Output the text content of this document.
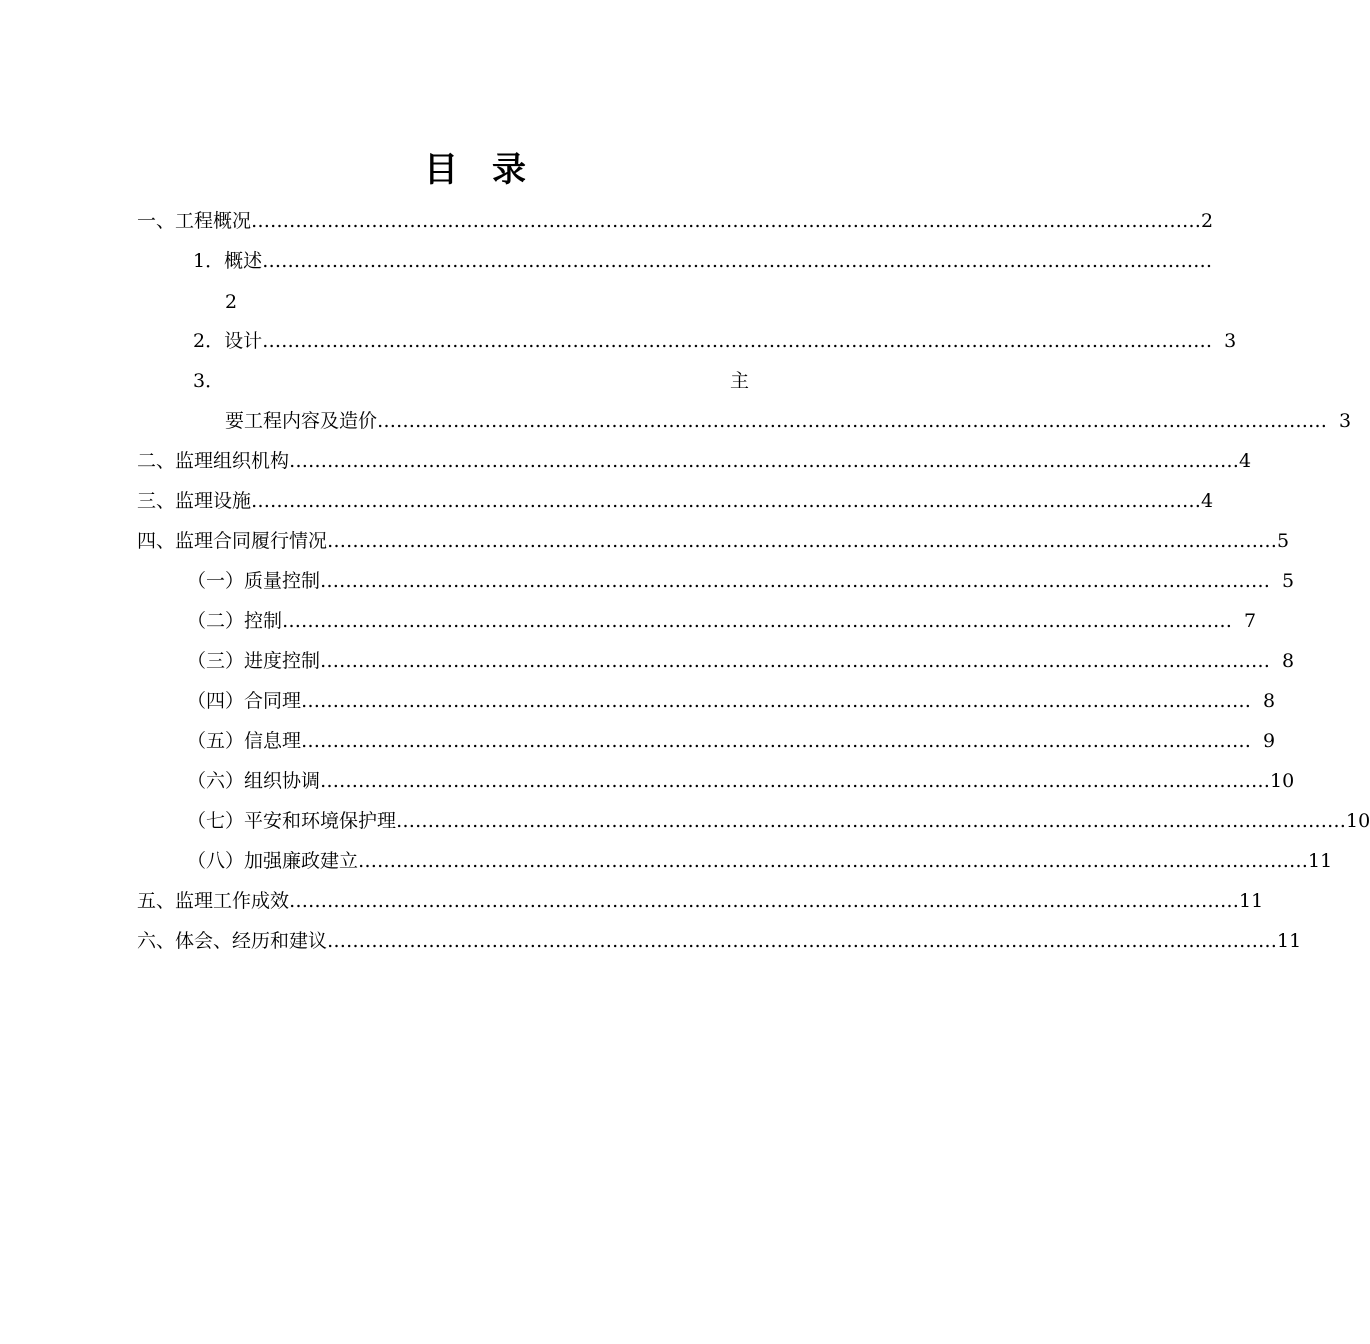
目　录
一、 工程概况 …………………………………………………………………………………………………………………………………… 2
1． 概述 ……………………………………………………………………………………………………………………………………
2
2． 设计 …………………………………………………………………………………………………………………………………… 3
3．	主
要工程内容及造价 …………………………………………………………………………………………………………………………………… 3
二、 监理组织机构 …………………………………………………………………………………………………………………………………… 4
三、 监理设施 …………………………………………………………………………………………………………………………………… 4
四、 监理合同履行情况 …………………………………………………………………………………………………………………………………… 5
（一） 质量控制 …………………………………………………………………………………………………………………………………… 5
（二） 控制 …………………………………………………………………………………………………………………………………… 7
（三） 进度控制 …………………………………………………………………………………………………………………………………… 8
（四） 合同理 …………………………………………………………………………………………………………………………………… 8
（五） 信息理 …………………………………………………………………………………………………………………………………… 9
（六） 组织协调 …………………………………………………………………………………………………………………………………… 10
（七） 平安和环境保护理 …………………………………………………………………………………………………………………………………… 10
（八） 加强廉政建立 …………………………………………………………………………………………………………………………………… 11
五、 监理工作成效 …………………………………………………………………………………………………………………………………… 11
六、 体会、经历和建议 …………………………………………………………………………………………………………………………………… 11
